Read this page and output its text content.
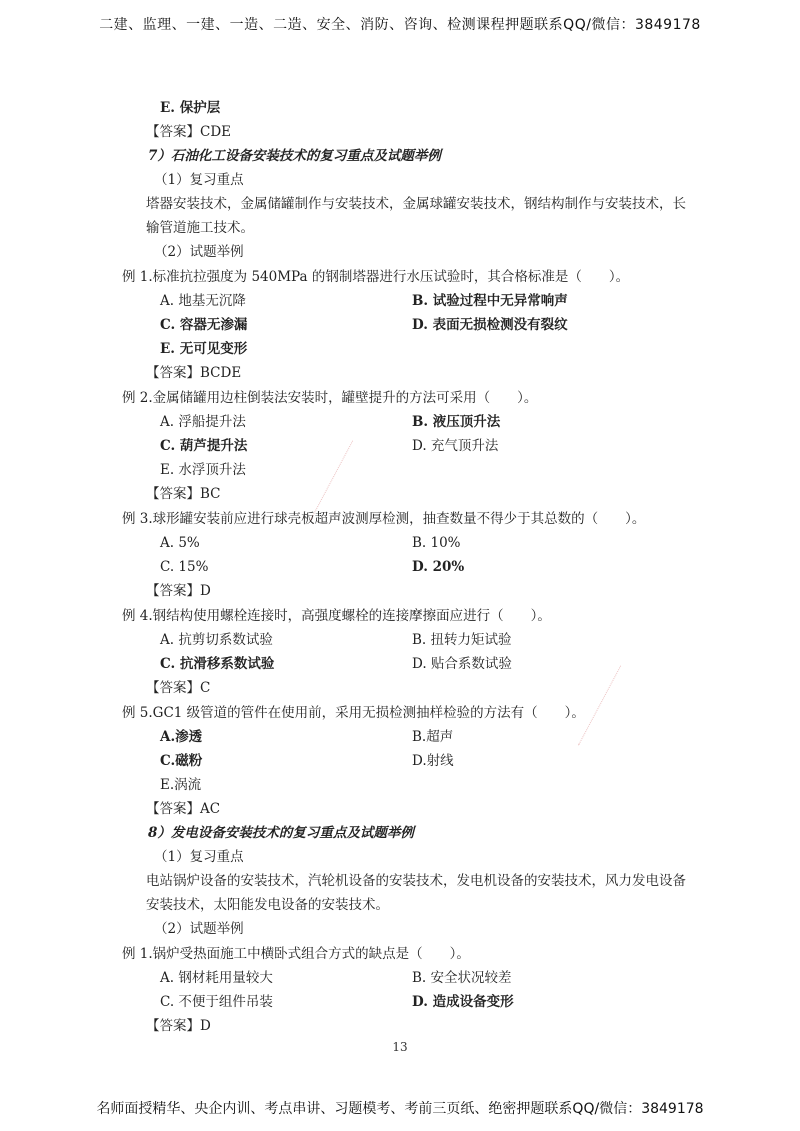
二建、监理、一建、一造、二造、安全、消防、咨询、检测课程押题联系QQ/微信：3849178
E. 保护层
【答案】CDE
7）石油化工设备安装技术的复习重点及试题举例
（1）复习重点
塔器安装技术，金属储罐制作与安装技术，金属球罐安装技术，钢结构制作与安装技术，长输管道施工技术。
（2）试题举例
例 1.标准抗拉强度为 540MPa 的钢制塔器进行水压试验时，其合格标准是（　　）。
A. 地基无沉降	B. 试验过程中无异常响声
C. 容器无渗漏	D. 表面无损检测没有裂纹
E. 无可见变形
【答案】BCDE
例 2.金属储罐用边柱倒装法安装时，罐壁提升的方法可采用（　　）。
A. 浮船提升法	B. 液压顶升法
C. 葫芦提升法	D. 充气顶升法
E. 水浮顶升法
【答案】BC
例 3.球形罐安装前应进行球壳板超声波测厚检测，抽查数量不得少于其总数的（　　）。
A. 5%	B. 10%
C. 15%	D. 20%
【答案】D
例 4.钢结构使用螺栓连接时，高强度螺栓的连接摩擦面应进行（　　）。
A. 抗剪切系数试验	B. 扭转力矩试验
C. 抗滑移系数试验	D. 贴合系数试验
【答案】C
例 5.GC1 级管道的管件在使用前，采用无损检测抽样检验的方法有（　　）。
A.渗透	B.超声
C.磁粉	D.射线
E.涡流
【答案】AC
8）发电设备安装技术的复习重点及试题举例
（1）复习重点
电站锅炉设备的安装技术，汽轮机设备的安装技术，发电机设备的安装技术，风力发电设备安装技术，太阳能发电设备的安装技术。
（2）试题举例
例 1.锅炉受热面施工中横卧式组合方式的缺点是（　　）。
A. 钢材耗用量较大	B. 安全状况较差
C. 不便于组件吊装	D. 造成设备变形
【答案】D
13
名师面授精华、央企内训、考点串讲、习题模考、考前三页纸、绝密押题联系QQ/微信：3849178
